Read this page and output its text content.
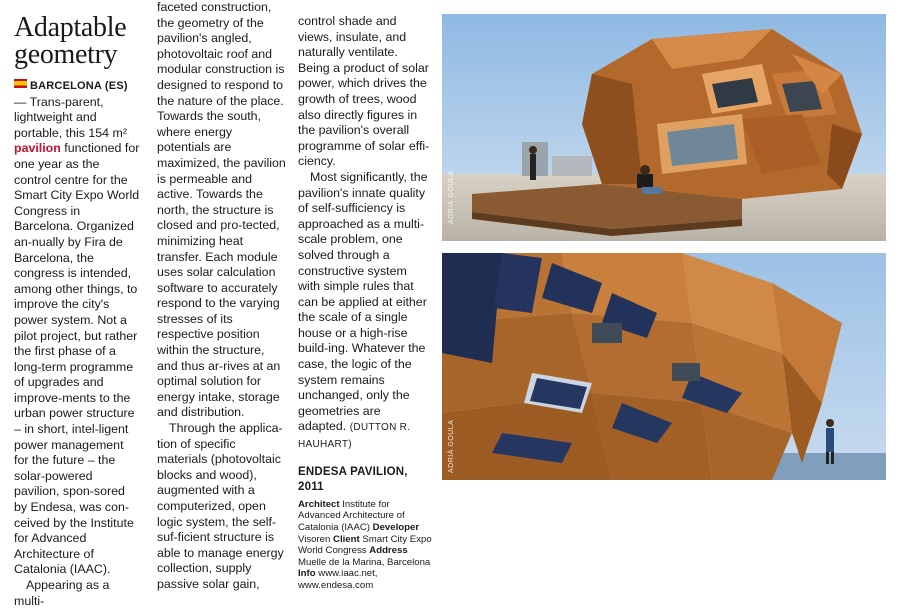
Adaptable geometry

BARCELONA (ES) — Trans-parent, lightweight and portable, this 154 m² pavilion functioned for one year as the control centre for the Smart City Expo World Congress in Barcelona. Organized an-nually by Fira de Barcelona, the congress is intended, among other things, to improve the city's power system. Not a pilot project, but rather the first phase of a long-term programme of upgrades and improve-ments to the urban power structure – in short, intel-ligent power management for the future – the solar-powered pavilion, spon-sored by Endesa, was con-ceived by the Institute for Advanced Architecture of Catalonia (IAAC).

Appearing as a multi-

faceted construction, the geometry of the pavilion's angled, photovoltaic roof and modular construction is designed to respond to the nature of the place. Towards the south, where energy potentials are maximized, the pavilion is permeable and active. Towards the north, the structure is closed and pro-tected, minimizing heat transfer. Each module uses solar calculation software to accurately respond to the varying stresses of its respective position within the structure, and thus ar-rives at an optimal solution for energy intake, storage and distribution.

Through the applica-tion of specific materials (photovoltaic blocks and wood), augmented with a computerized, open logic system, the self-suf-ficient structure is able to manage energy collection, supply passive solar gain,

control shade and views, insulate, and naturally ventilate. Being a product of solar power, which drives the growth of trees, wood also directly figures in the pavilion's overall programme of solar effi-ciency.

Most significantly, the pavilion's innate quality of self-sufficiency is approached as a multi-scale problem, one solved through a constructive system with simple rules that can be applied at either the scale of a single house or a high-rise build-ing. Whatever the case, the logic of the system remains unchanged, only the geometries are adapted. (DUTTON R. HAUHART)

ENDESA PAVILION, 2011
Architect Institute for Advanced Architecture of Catalonia (IAAC) Developer Visoren Client Smart City Expo World Congress Address Muelle de la Marina, Barcelona Info www.iaac.net, www.endesa.com
ADRIÀ GOULA
ADRIÀ GOULA
